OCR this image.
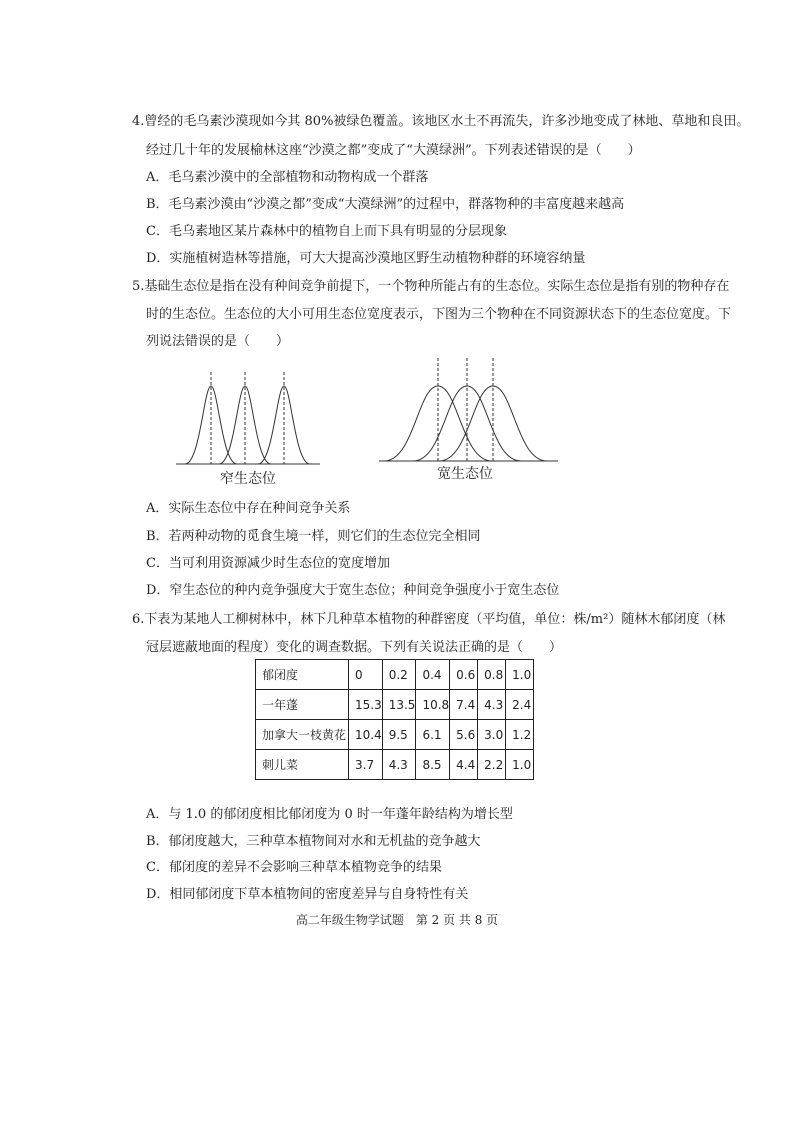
4.曾经的毛乌素沙漠现如今其 80%被绿色覆盖。该地区水土不再流失，许多沙地变成了林地、草地和良田。
经过几十年的发展榆林这座“沙漠之都”变成了“大漠绿洲”。下列表述错误的是（　　）
A．毛乌素沙漠中的全部植物和动物构成一个群落
B．毛乌素沙漠由“沙漠之都”变成“大漠绿洲”的过程中，群落物种的丰富度越来越高
C．毛乌素地区某片森林中的植物自上而下具有明显的分层现象
D．实施植树造林等措施，可大大提高沙漠地区野生动植物种群的环境容纳量
5.基础生态位是指在没有种间竞争前提下，一个物种所能占有的生态位。实际生态位是指有别的物种存在
时的生态位。生态位的大小可用生态位宽度表示，下图为三个物种在不同资源状态下的生态位宽度。下
列说法错误的是（　　）
窄生态位	宽生态位
A．实际生态位中存在种间竞争关系
B．若两种动物的觅食生境一样，则它们的生态位完全相同
C．当可利用资源减少时生态位的宽度增加
D．窄生态位的种内竞争强度大于宽生态位；种间竞争强度小于宽生态位
6.下表为某地人工柳树林中，林下几种草本植物的种群密度（平均值，单位：株/m²）随林木郁闭度（林
冠层遮蔽地面的程度）变化的调查数据。下列有关说法正确的是（　　）
郁闭度	0	0.2	0.4	0.6	0.8	1.0
一年蓬	15.3	13.5	10.8	7.4	4.3	2.4
加拿大一枝黄花	10.4	9.5	6.1	5.6	3.0	1.2
刺儿菜	3.7	4.3	8.5	4.4	2.2	1.0
A．与 1.0 的郁闭度相比郁闭度为 0 时一年蓬年龄结构为增长型
B．郁闭度越大，三种草本植物间对水和无机盐的竞争越大
C．郁闭度的差异不会影响三种草本植物竞争的结果
D．相同郁闭度下草本植物间的密度差异与自身特性有关
高二年级生物学试题　第 2 页 共 8 页
